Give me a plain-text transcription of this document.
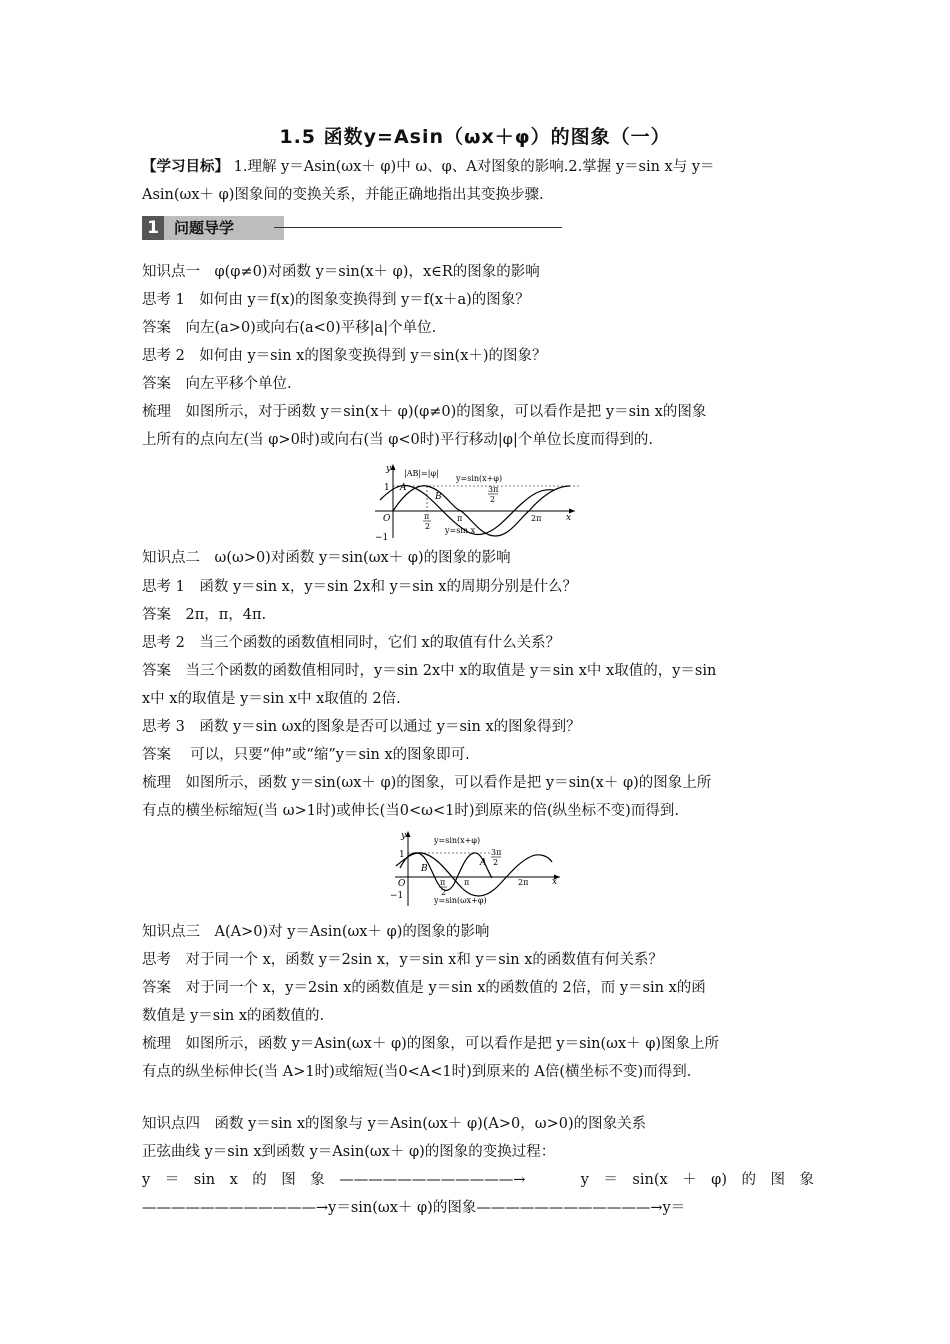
1.5 函数y=Asin（ωx＋φ）的图象（一）
【学习目标】 1.理解 y＝Asin(ωx＋ φ)中 ω、φ、A对图象的影响.2.掌握 y＝sin x与 y＝
Asin(ωx＋ φ)图象间的变换关系，并能正确地指出其变换步骤.
1	问题导学
知识点一　φ(φ≠0)对函数 y＝sin(x＋ φ)，x∈R的图象的影响
思考 1　如何由 y＝f(x)的图象变换得到 y＝f(x＋a)的图象？
答案　向左(a>0)或向右(a<0)平移|a|个单位.
思考 2　如何由 y＝sin x的图象变换得到 y＝sin(x＋)的图象？
答案　向左平移个单位.
梳理　如图所示，对于函数 y＝sin(x＋ φ)(φ≠0)的图象，可以看作是把 y＝sin x的图象
上所有的点向左(当 φ>0时)或向右(当 φ<0时)平行移动|φ|个单位长度而得到的.
y
x
1
−1
O
|AB|=|φ|
y=sin(x+φ)
y=sin x
A
B
π
2
π
3π
2
2π
知识点二　ω(ω>0)对函数 y＝sin(ωx＋ φ)的图象的影响
思考 1　函数 y＝sin x，y＝sin 2x和 y＝sin x的周期分别是什么？
答案　2π，π，4π.
思考 2　当三个函数的函数值相同时，它们 x的取值有什么关系？
答案　当三个函数的函数值相同时，y＝sin 2x中 x的取值是 y＝sin x中 x取值的，y＝sin
x中 x的取值是 y＝sin x中 x取值的 2倍.
思考 3　函数 y＝sin ωx的图象是否可以通过 y＝sin x的图象得到？
答案　 可以，只要“伸”或“缩”y＝sin x的图象即可.
梳理　如图所示，函数 y＝sin(ωx＋ φ)的图象，可以看作是把 y＝sin(x＋ φ)的图象上所
有点的横坐标缩短(当 ω>1时)或伸长(当0<ω<1时)到原来的倍(纵坐标不变)而得到.
y
x
1
−1
O
y=sin(x+φ)
y=sin(ωx+φ)
A
B
π
2
π
3π
2
2π
知识点三　A(A>0)对 y＝Asin(ωx＋ φ)的图象的影响
思考　对于同一个 x，函数 y＝2sin x，y＝sin x和 y＝sin x的函数值有何关系？
答案　对于同一个 x，y＝2sin x的函数值是 y＝sin x的函数值的 2倍，而 y＝sin x的函
数值是 y＝sin x的函数值的.
梳理　如图所示，函数 y＝Asin(ωx＋ φ)的图象，可以看作是把 y＝sin(ωx＋ φ)图象上所
有点的纵坐标伸长(当 A>1时)或缩短(当0<A<1时)到原来的 A倍(横坐标不变)而得到.
知识点四　函数 y＝sin x的图象与 y＝Asin(ωx＋ φ)(A>0，ω>0)的图象关系
正弦曲线 y＝sin x到函数 y＝Asin(ωx＋ φ)的图象的变换过程：
y　＝　sin　x　的　图　象　————————————→	y　＝　sin(x　＋　φ)　的　图　象
————————————→y＝sin(ωx＋ φ)的图象————————————→y＝
